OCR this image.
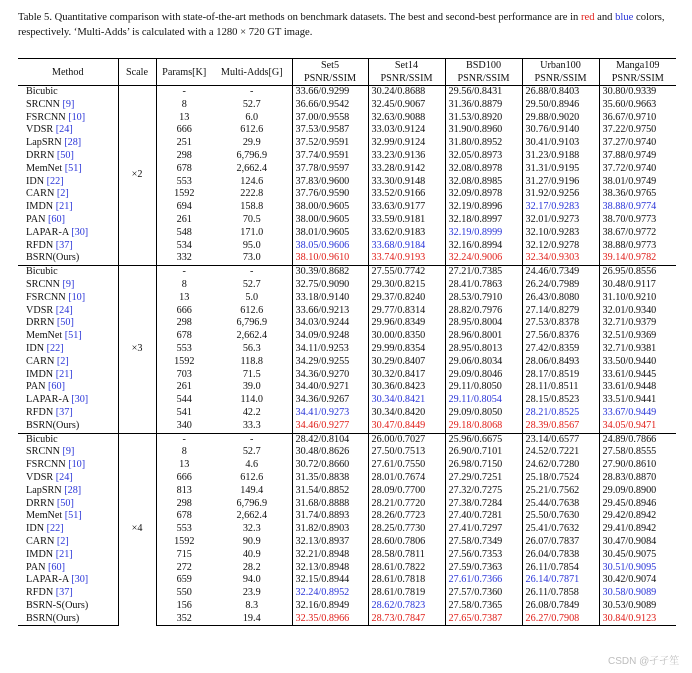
Table 5. Quantitative comparison with state-of-the-art methods on benchmark datasets. The best and second-best performance are in red and blue colors, respectively. ‘Multi-Adds’ is calculated with a 1280 × 720 GT image.
Method	Scale	Params[K]	Multi-Adds[G]	Set5	Set14	BSD100	Urban100	Manga109
				PSNR/SSIM	PSNR/SSIM	PSNR/SSIM	PSNR/SSIM	PSNR/SSIM
Bicubic	×2	-	-	33.66/0.9299	30.24/0.8688	29.56/0.8431	26.88/0.8403	30.80/0.9339
SRCNN [9]		8	52.7	36.66/0.9542	32.45/0.9067	31.36/0.8879	29.50/0.8946	35.60/0.9663
FSRCNN [10]		13	6.0	37.00/0.9558	32.63/0.9088	31.53/0.8920	29.88/0.9020	36.67/0.9710
VDSR [24]		666	612.6	37.53/0.9587	33.03/0.9124	31.90/0.8960	30.76/0.9140	37.22/0.9750
LapSRN [28]		251	29.9	37.52/0.9591	32.99/0.9124	31.80/0.8952	30.41/0.9103	37.27/0.9740
DRRN [50]		298	6,796.9	37.74/0.9591	33.23/0.9136	32.05/0.8973	31.23/0.9188	37.88/0.9749
MemNet [51]		678	2,662.4	37.78/0.9597	33.28/0.9142	32.08/0.8978	31.31/0.9195	37.72/0.9740
IDN [22]		553	124.6	37.83/0.9600	33.30/0.9148	32.08/0.8985	31.27/0.9196	38.01/0.9749
CARN [2]		1592	222.8	37.76/0.9590	33.52/0.9166	32.09/0.8978	31.92/0.9256	38.36/0.9765
IMDN [21]		694	158.8	38.00/0.9605	33.63/0.9177	32.19/0.8996	32.17/0.9283	38.88/0.9774
PAN [60]		261	70.5	38.00/0.9605	33.59/0.9181	32.18/0.8997	32.01/0.9273	38.70/0.9773
LAPAR-A [30]		548	171.0	38.01/0.9605	33.62/0.9183	32.19/0.8999	32.10/0.9283	38.67/0.9772
RFDN [37]		534	95.0	38.05/0.9606	33.68/0.9184	32.16/0.8994	32.12/0.9278	38.88/0.9773
BSRN(Ours)		332	73.0	38.10/0.9610	33.74/0.9193	32.24/0.9006	32.34/0.9303	39.14/0.9782
Bicubic	×3	-	-	30.39/0.8682	27.55/0.7742	27.21/0.7385	24.46/0.7349	26.95/0.8556
SRCNN [9]		8	52.7	32.75/0.9090	29.30/0.8215	28.41/0.7863	26.24/0.7989	30.48/0.9117
FSRCNN [10]		13	5.0	33.18/0.9140	29.37/0.8240	28.53/0.7910	26.43/0.8080	31.10/0.9210
VDSR [24]		666	612.6	33.66/0.9213	29.77/0.8314	28.82/0.7976	27.14/0.8279	32.01/0.9340
DRRN [50]		298	6,796.9	34.03/0.9244	29.96/0.8349	28.95/0.8004	27.53/0.8378	32.71/0.9379
MemNet [51]		678	2,662.4	34.09/0.9248	30.00/0.8350	28.96/0.8001	27.56/0.8376	32.51/0.9369
IDN [22]		553	56.3	34.11/0.9253	29.99/0.8354	28.95/0.8013	27.42/0.8359	32.71/0.9381
CARN [2]		1592	118.8	34.29/0.9255	30.29/0.8407	29.06/0.8034	28.06/0.8493	33.50/0.9440
IMDN [21]		703	71.5	34.36/0.9270	30.32/0.8417	29.09/0.8046	28.17/0.8519	33.61/0.9445
PAN [60]		261	39.0	34.40/0.9271	30.36/0.8423	29.11/0.8050	28.11/0.8511	33.61/0.9448
LAPAR-A [30]		544	114.0	34.36/0.9267	30.34/0.8421	29.11/0.8054	28.15/0.8523	33.51/0.9441
RFDN [37]		541	42.2	34.41/0.9273	30.34/0.8420	29.09/0.8050	28.21/0.8525	33.67/0.9449
BSRN(Ours)		340	33.3	34.46/0.9277	30.47/0.8449	29.18/0.8068	28.39/0.8567	34.05/0.9471
Bicubic	×4	-	-	28.42/0.8104	26.00/0.7027	25.96/0.6675	23.14/0.6577	24.89/0.7866
SRCNN [9]		8	52.7	30.48/0.8626	27.50/0.7513	26.90/0.7101	24.52/0.7221	27.58/0.8555
FSRCNN [10]		13	4.6	30.72/0.8660	27.61/0.7550	26.98/0.7150	24.62/0.7280	27.90/0.8610
VDSR [24]		666	612.6	31.35/0.8838	28.01/0.7674	27.29/0.7251	25.18/0.7524	28.83/0.8870
LapSRN [28]		813	149.4	31.54/0.8852	28.09/0.7700	27.32/0.7275	25.21/0.7562	29.09/0.8900
DRRN [50]		298	6,796.9	31.68/0.8888	28.21/0.7720	27.38/0.7284	25.44/0.7638	29.45/0.8946
MemNet [51]		678	2,662.4	31.74/0.8893	28.26/0.7723	27.40/0.7281	25.50/0.7630	29.42/0.8942
IDN [22]		553	32.3	31.82/0.8903	28.25/0.7730	27.41/0.7297	25.41/0.7632	29.41/0.8942
CARN [2]		1592	90.9	32.13/0.8937	28.60/0.7806	27.58/0.7349	26.07/0.7837	30.47/0.9084
IMDN [21]		715	40.9	32.21/0.8948	28.58/0.7811	27.56/0.7353	26.04/0.7838	30.45/0.9075
PAN [60]		272	28.2	32.13/0.8948	28.61/0.7822	27.59/0.7363	26.11/0.7854	30.51/0.9095
LAPAR-A [30]		659	94.0	32.15/0.8944	28.61/0.7818	27.61/0.7366	26.14/0.7871	30.42/0.9074
RFDN [37]		550	23.9	32.24/0.8952	28.61/0.7819	27.57/0.7360	26.11/0.7858	30.58/0.9089
BSRN-S(Ours)		156	8.3	32.16/0.8949	28.62/0.7823	27.58/0.7365	26.08/0.7849	30.53/0.9089
BSRN(Ours)		352	19.4	32.35/0.8966	28.73/0.7847	27.65/0.7387	26.27/0.7908	30.84/0.9123
CSDN @孑孑笙
